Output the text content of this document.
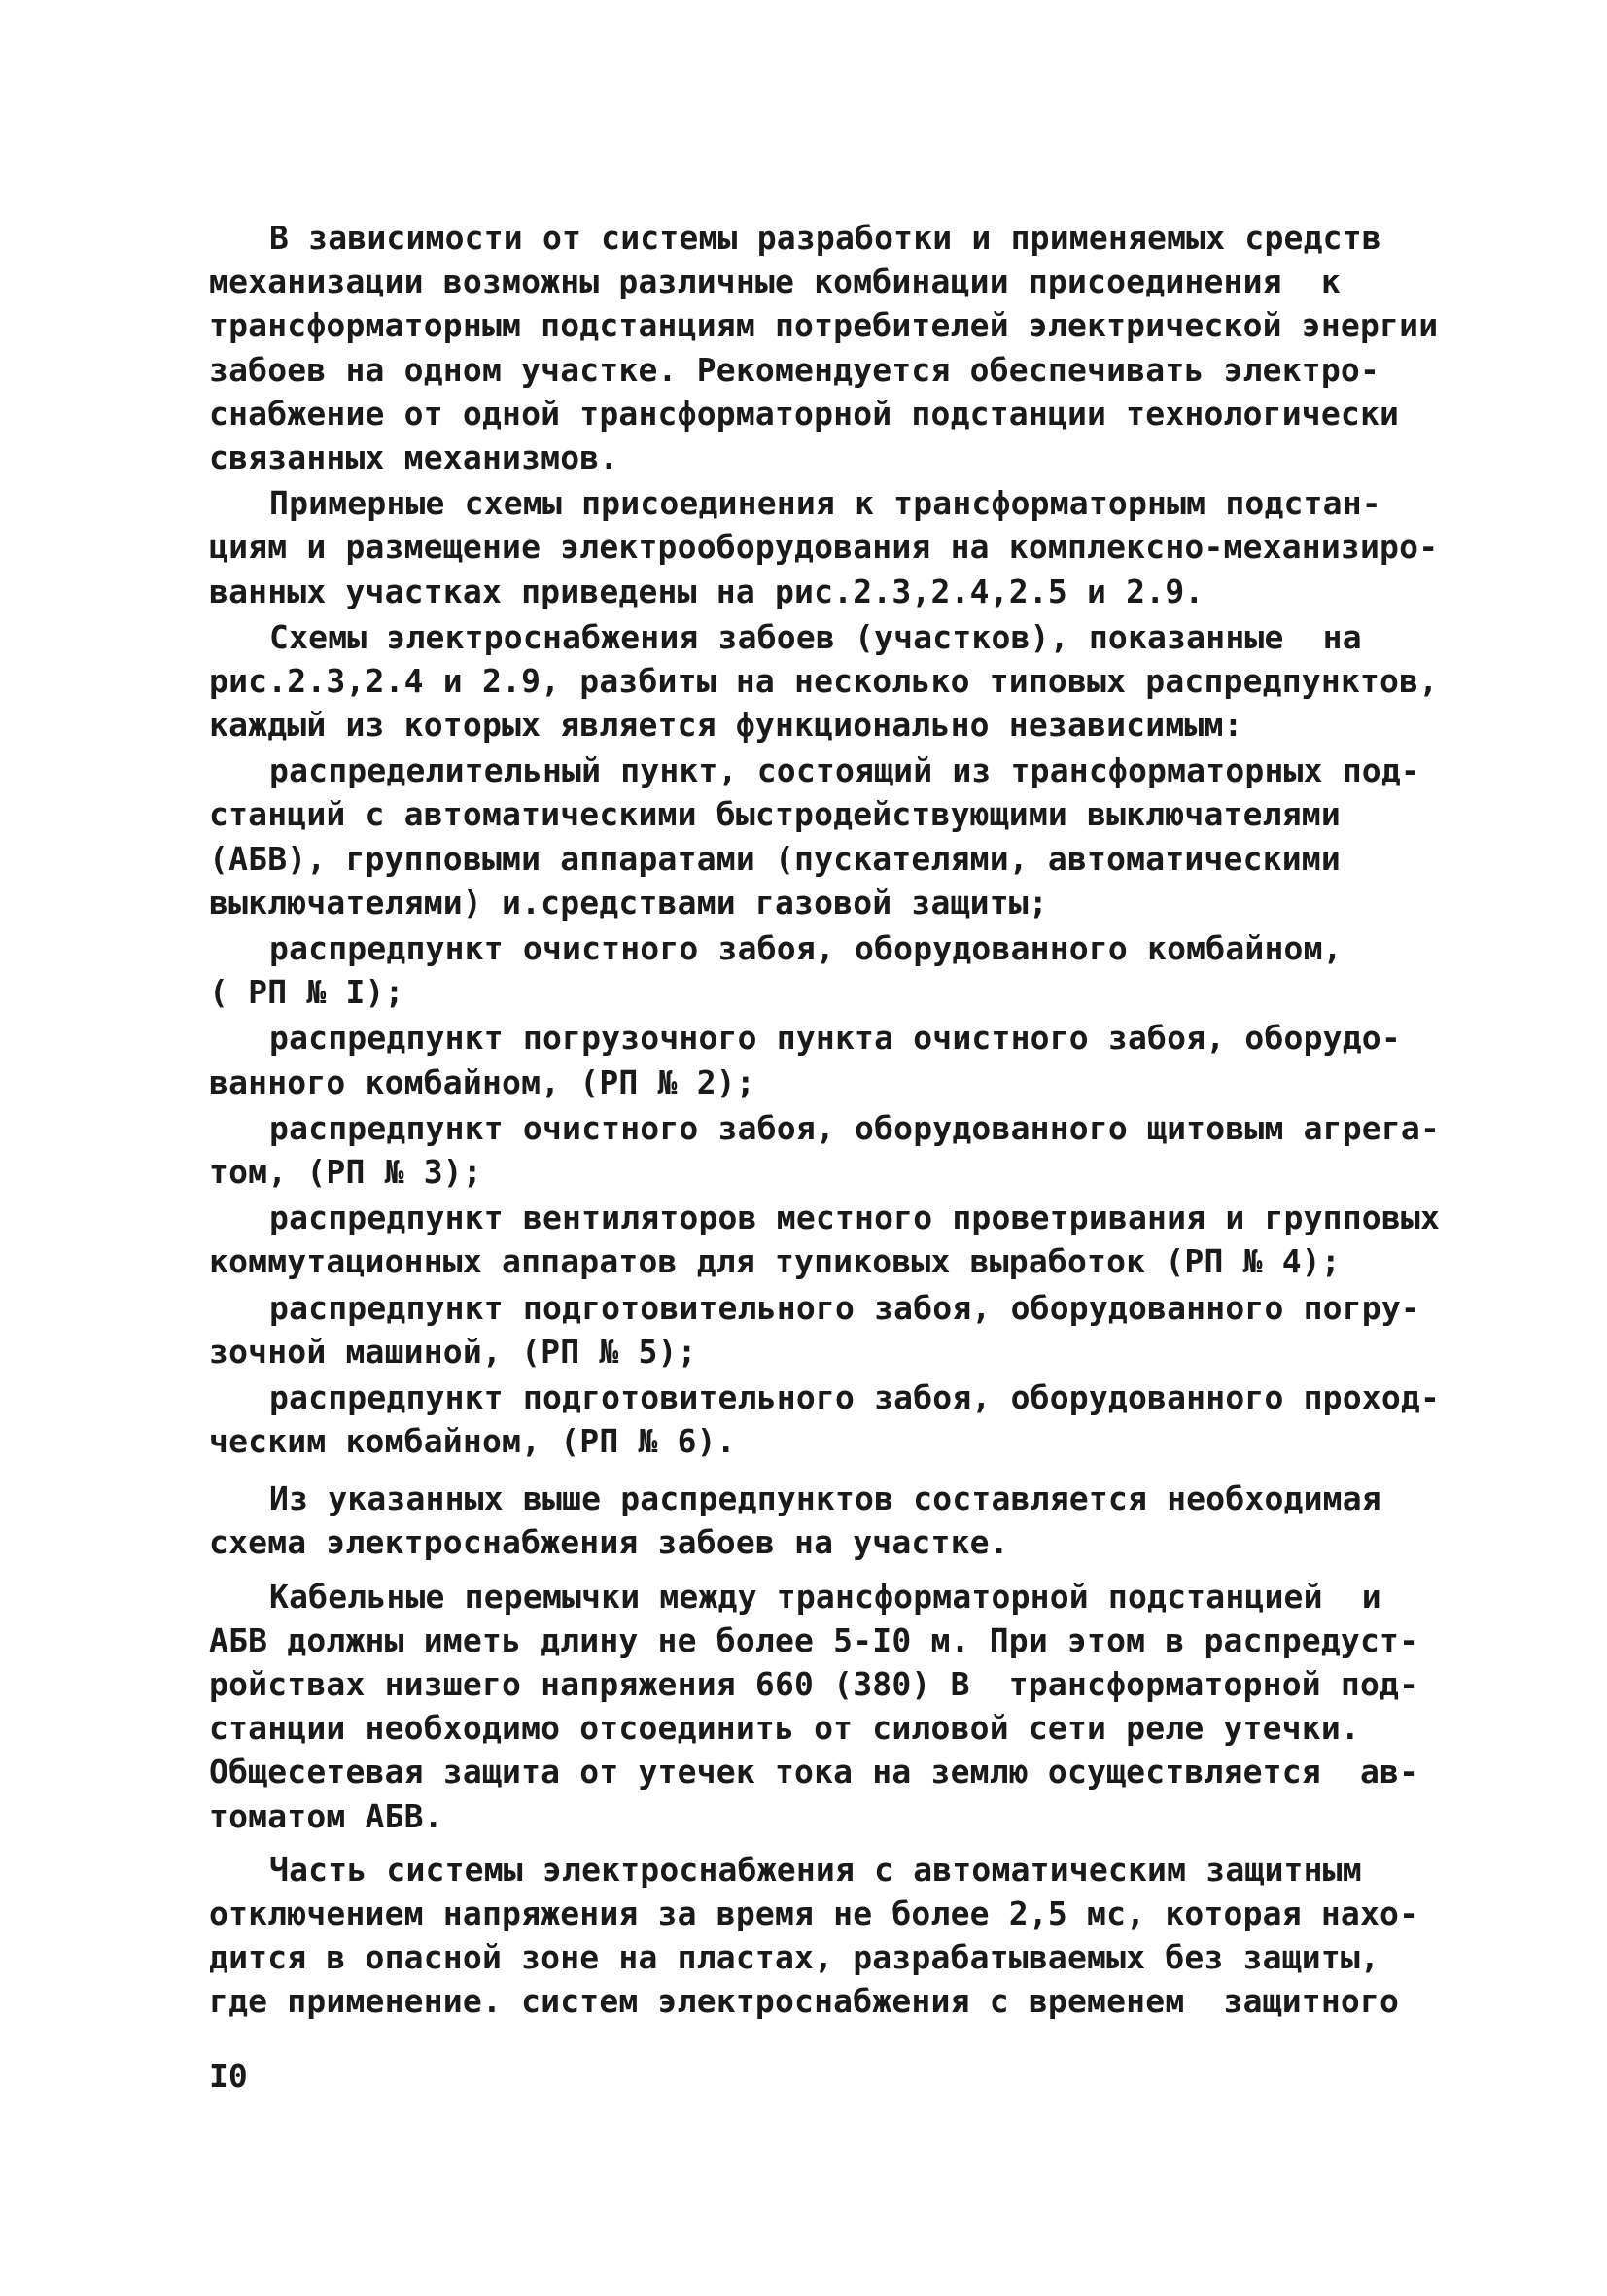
В зависимости от системы разработки и применяемых средств
механизации возможны различные комбинации присоединения  к
трансформаторным подстанциям потребителей электрической энергии
забоев на одном участке. Рекомендуется обеспечивать электро-
снабжение от одной трансформаторной подстанции технологически
связанных механизмов.
Примерные схемы присоединения к трансформаторным подстан-
циям и размещение электрооборудования на комплексно-механизиро-
ванных участках приведены на рис.2.3,2.4,2.5 и 2.9.
Схемы электроснабжения забоев (участков), показанные  на
рис.2.3,2.4 и 2.9, разбиты на несколько типовых распредпунктов,
каждый из которых является функционально независимым:
распределительный пункт, состоящий из трансформаторных под-
станций с автоматическими быстродействующими выключателями
(АБВ), групповыми аппаратами (пускателями, автоматическими
выключателями) и.средствами газовой защиты;
распредпункт очистного забоя, оборудованного комбайном,
( РП № I);
распредпункт погрузочного пункта очистного забоя, оборудо-
ванного комбайном, (РП № 2);
распредпункт очистного забоя, оборудованного щитовым агрега-
том, (РП № 3);
распредпункт вентиляторов местного проветривания и групповых
коммутационных аппаратов для тупиковых выработок (РП № 4);
распредпункт подготовительного забоя, оборудованного погру-
зочной машиной, (РП № 5);
распредпункт подготовительного забоя, оборудованного проход-
ческим комбайном, (РП № 6).
Из указанных выше распредпунктов составляется необходимая
схема электроснабжения забоев на участке.
Кабельные перемычки между трансформаторной подстанцией  и
АБВ должны иметь длину не более 5-I0 м. При этом в распредуст-
ройствах низшего напряжения 660 (380) В  трансформаторной под-
станции необходимо отсоединить от силовой сети реле утечки.
Общесетевая защита от утечек тока на землю осуществляется  ав-
томатом АБВ.
Часть системы электроснабжения с автоматическим защитным
отключением напряжения за время не более 2,5 мс, которая нахо-
дится в опасной зоне на пластах, разрабатываемых без защиты,
где применение. систем электроснабжения с временем  защитного
I0
